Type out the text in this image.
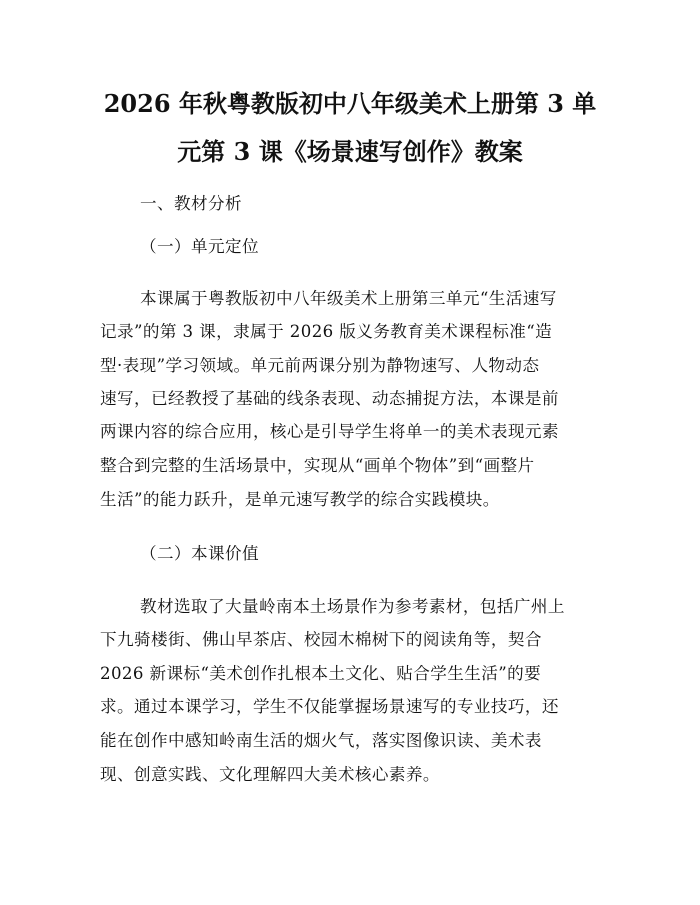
2026 年秋粤教版初中八年级美术上册第 3 单
元第 3 课《场景速写创作》教案

一、教材分析

（一）单元定位

本课属于粤教版初中八年级美术上册第三单元“生活速写

记录”的第 3 课，隶属于 2026 版义务教育美术课程标准“造

型·表现”学习领域。单元前两课分别为静物速写、人物动态

速写，已经教授了基础的线条表现、动态捕捉方法，本课是前

两课内容的综合应用，核心是引导学生将单一的美术表现元素

整合到完整的生活场景中，实现从“画单个物体”到“画整片

生活”的能力跃升，是单元速写教学的综合实践模块。

（二）本课价值

教材选取了大量岭南本土场景作为参考素材，包括广州上

下九骑楼街、佛山早茶店、校园木棉树下的阅读角等，契合

2026 新课标“美术创作扎根本土文化、贴合学生生活”的要

求。通过本课学习，学生不仅能掌握场景速写的专业技巧，还

能在创作中感知岭南生活的烟火气，落实图像识读、美术表

现、创意实践、文化理解四大美术核心素养。
